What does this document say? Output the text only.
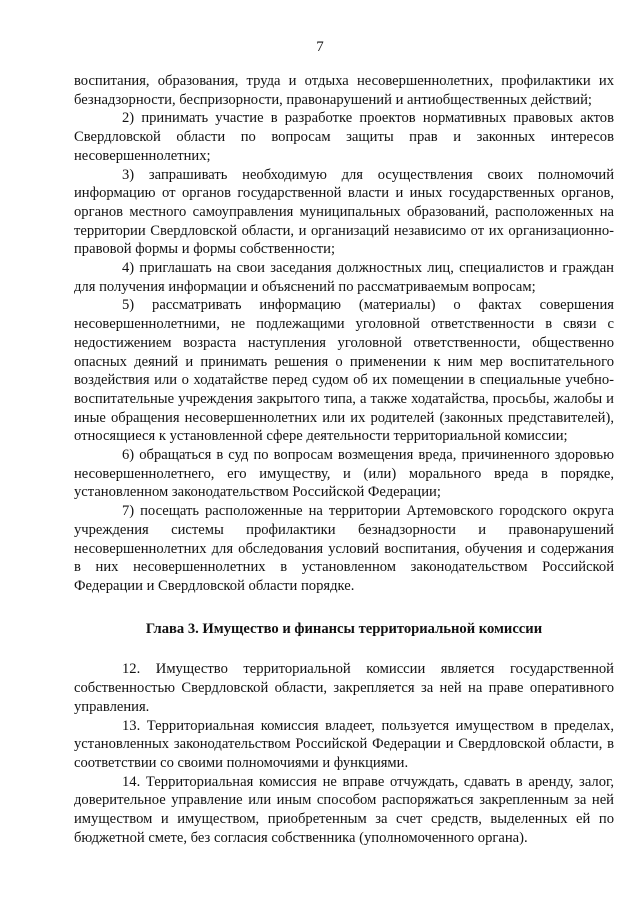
7

воспитания, образования, труда и отдыха несовершеннолетних, профилактики их безнадзорности, беспризорности, правонарушений и антиобщественных действий;

2) принимать участие в разработке проектов нормативных правовых актов Свердловской области по вопросам защиты прав и законных интересов несовершеннолетних;

3) запрашивать необходимую для осуществления своих полномочий информацию от органов государственной власти и иных государственных органов, органов местного самоуправления муниципальных образований, расположенных на территории Свердловской области, и организаций независимо от их организационно-правовой формы и формы собственности;

4) приглашать на свои заседания должностных лиц, специалистов и граждан для получения информации и объяснений по рассматриваемым вопросам;

5) рассматривать информацию (материалы) о фактах совершения несовершеннолетними, не подлежащими уголовной ответственности в связи с недостижением возраста наступления уголовной ответственности, общественно опасных деяний и принимать решения о применении к ним мер воспитательного воздействия или о ходатайстве перед судом об их помещении в специальные учебно-воспитательные учреждения закрытого типа, а также ходатайства, просьбы, жалобы и иные обращения несовершеннолетних или их родителей (законных представителей), относящиеся к установленной сфере деятельности территориальной комиссии;

6) обращаться в суд по вопросам возмещения вреда, причиненного здоровью несовершеннолетнего, его имуществу, и (или) морального вреда в порядке, установленном законодательством Российской Федерации;

7) посещать расположенные на территории Артемовского городского округа учреждения системы профилактики безнадзорности и правонарушений несовершеннолетних для обследования условий воспитания, обучения и содержания в них несовершеннолетних в установленном законодательством Российской Федерации и Свердловской области порядке.

Глава 3. Имущество и финансы территориальной комиссии

12. Имущество территориальной комиссии является государственной собственностью Свердловской области, закрепляется за ней на праве оперативного управления.

13. Территориальная комиссия владеет, пользуется имуществом в пределах, установленных законодательством Российской Федерации и Свердловской области, в соответствии со своими полномочиями и функциями.

14. Территориальная комиссия не вправе отчуждать, сдавать в аренду, залог, доверительное управление или иным способом распоряжаться закрепленным за ней имуществом и имуществом, приобретенным за счет средств, выделенных ей по бюджетной смете, без согласия собственника (уполномоченного органа).
